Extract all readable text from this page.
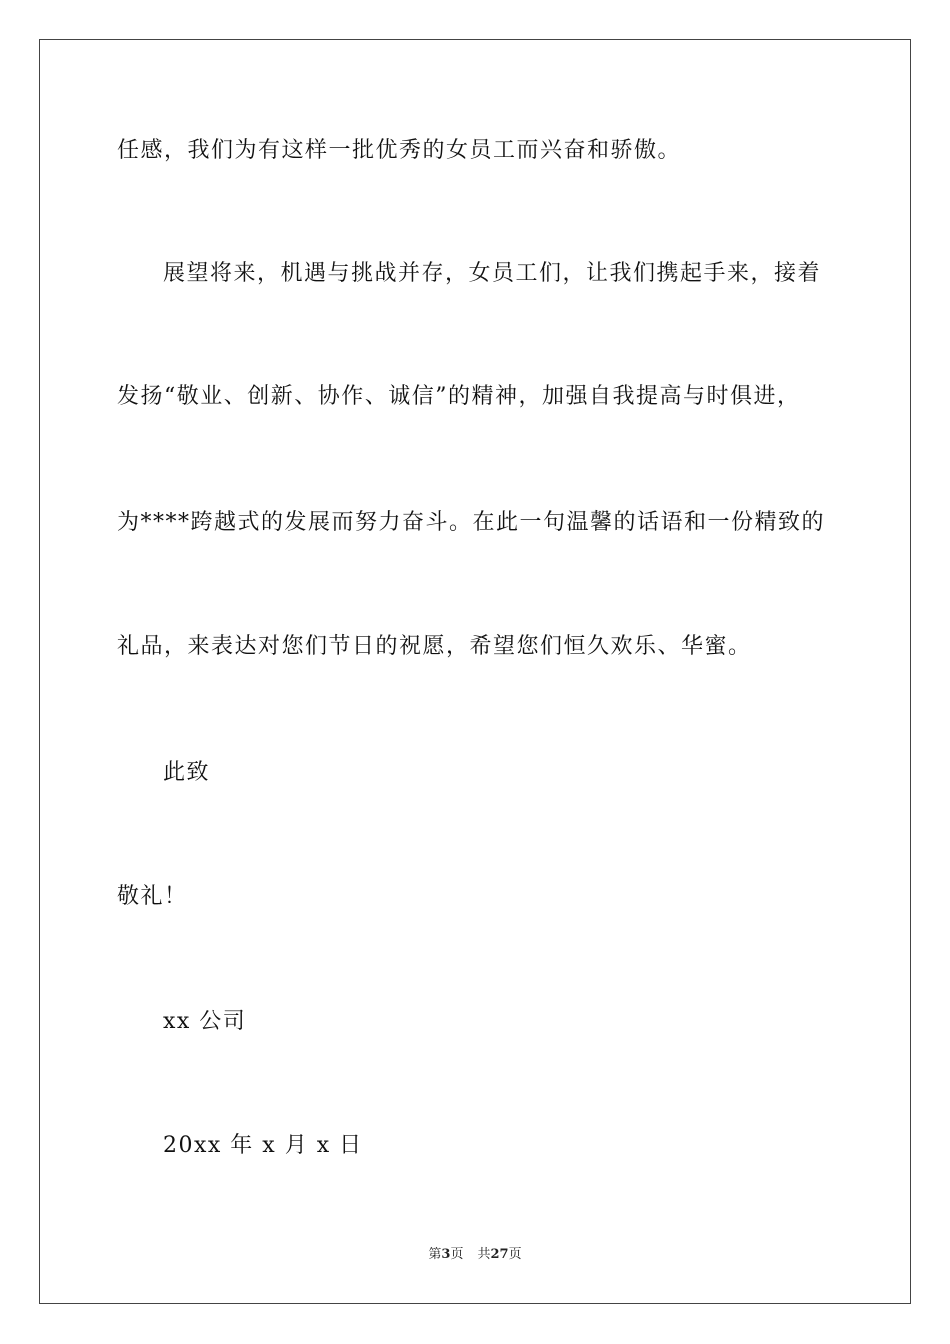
任感，我们为有这样一批优秀的女员工而兴奋和骄傲。
展望将来，机遇与挑战并存，女员工们，让我们携起手来，接着
发扬“敬业、创新、协作、诚信”的精神，加强自我提高与时俱进，
为****跨越式的发展而努力奋斗。在此一句温馨的话语和一份精致的
礼品，来表达对您们节日的祝愿，希望您们恒久欢乐、华蜜。
此致
敬礼！
xx 公司
20xx 年 x 月 x 日
第3页 共27页
